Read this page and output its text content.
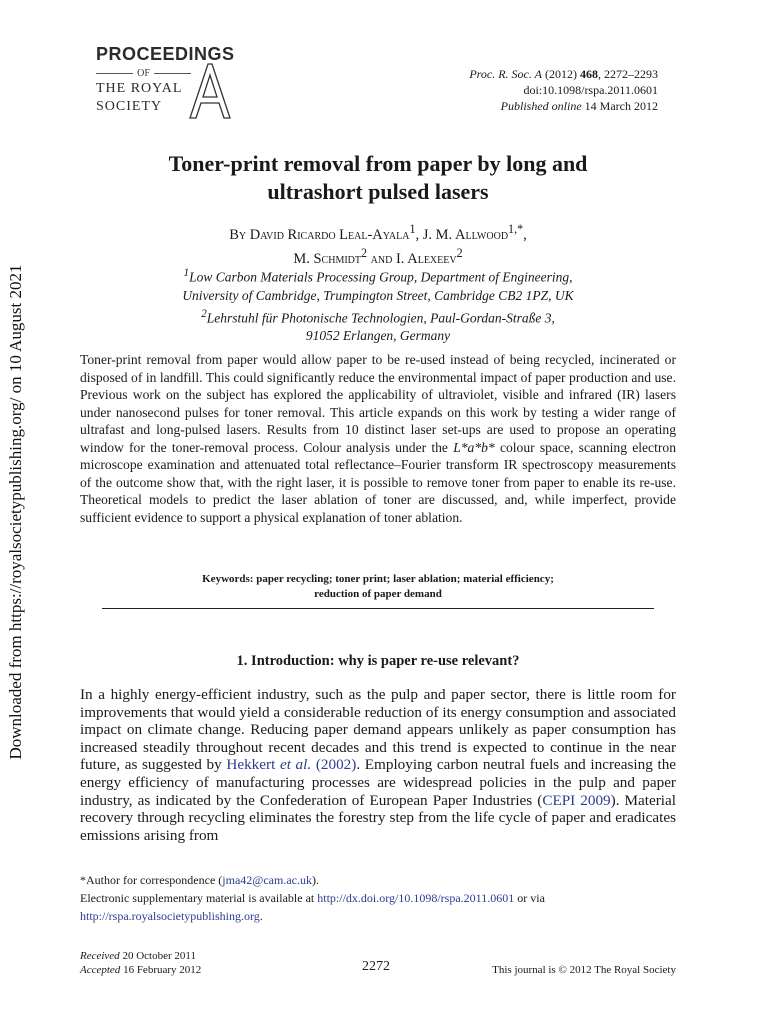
Downloaded from https://royalsocietypublishing.org/ on 10 August 2021
PROCEEDINGS
OF
THE ROYAL
SOCIETY
Proc. R. Soc. A (2012) 468, 2272–2293
doi:10.1098/rspa.2011.0601
Published online 14 March 2012
Toner-print removal from paper by long and
ultrashort pulsed lasers
By David Ricardo Leal-Ayala$^1$, J. M. Allwood$^{1,*}$,
M. Schmidt$^2$ and I. Alexeev$^2$
$^1$Low Carbon Materials Processing Group, Department of Engineering,
University of Cambridge, Trumpington Street, Cambridge CB2 1PZ, UK
$^2$Lehrstuhl für Photonische Technologien, Paul-Gordan-Straße 3,
91052 Erlangen, Germany
Toner-print removal from paper would allow paper to be re-used instead of being recycled, incinerated or disposed of in landfill. This could significantly reduce the environmental impact of paper production and use. Previous work on the subject has explored the applicability of ultraviolet, visible and infrared (IR) lasers under nanosecond pulses for toner removal. This article expands on this work by testing a wider range of ultrafast and long-pulsed lasers. Results from 10 distinct laser set-ups are used to propose an operating window for the toner-removal process. Colour analysis under the L*a*b* colour space, scanning electron microscope examination and attenuated total reflectance–Fourier transform IR spectroscopy measurements of the outcome show that, with the right laser, it is possible to remove toner from paper to enable its re-use. Theoretical models to predict the laser ablation of toner are discussed, and, while imperfect, provide sufficient evidence to support a physical explanation of toner ablation.
Keywords: paper recycling; toner print; laser ablation; material efficiency;
reduction of paper demand
1. Introduction: why is paper re-use relevant?
In a highly energy-efficient industry, such as the pulp and paper sector, there is little room for improvements that would yield a considerable reduction of its energy consumption and associated impact on climate change. Reducing paper demand appears unlikely as paper consumption has increased steadily throughout recent decades and this trend is expected to continue in the near future, as suggested by Hekkert et al. (2002). Employing carbon neutral fuels and increasing the energy efficiency of manufacturing processes are widespread policies in the pulp and paper industry, as indicated by the Confederation of European Paper Industries (CEPI 2009). Material recovery through recycling eliminates the forestry step from the life cycle of paper and eradicates emissions arising from
*Author for correspondence (jma42@cam.ac.uk).
Electronic supplementary material is available at http://dx.doi.org/10.1098/rspa.2011.0601 or via
http://rspa.royalsocietypublishing.org.
Received 20 October 2011
Accepted 16 February 2012	2272	This journal is © 2012 The Royal Society
